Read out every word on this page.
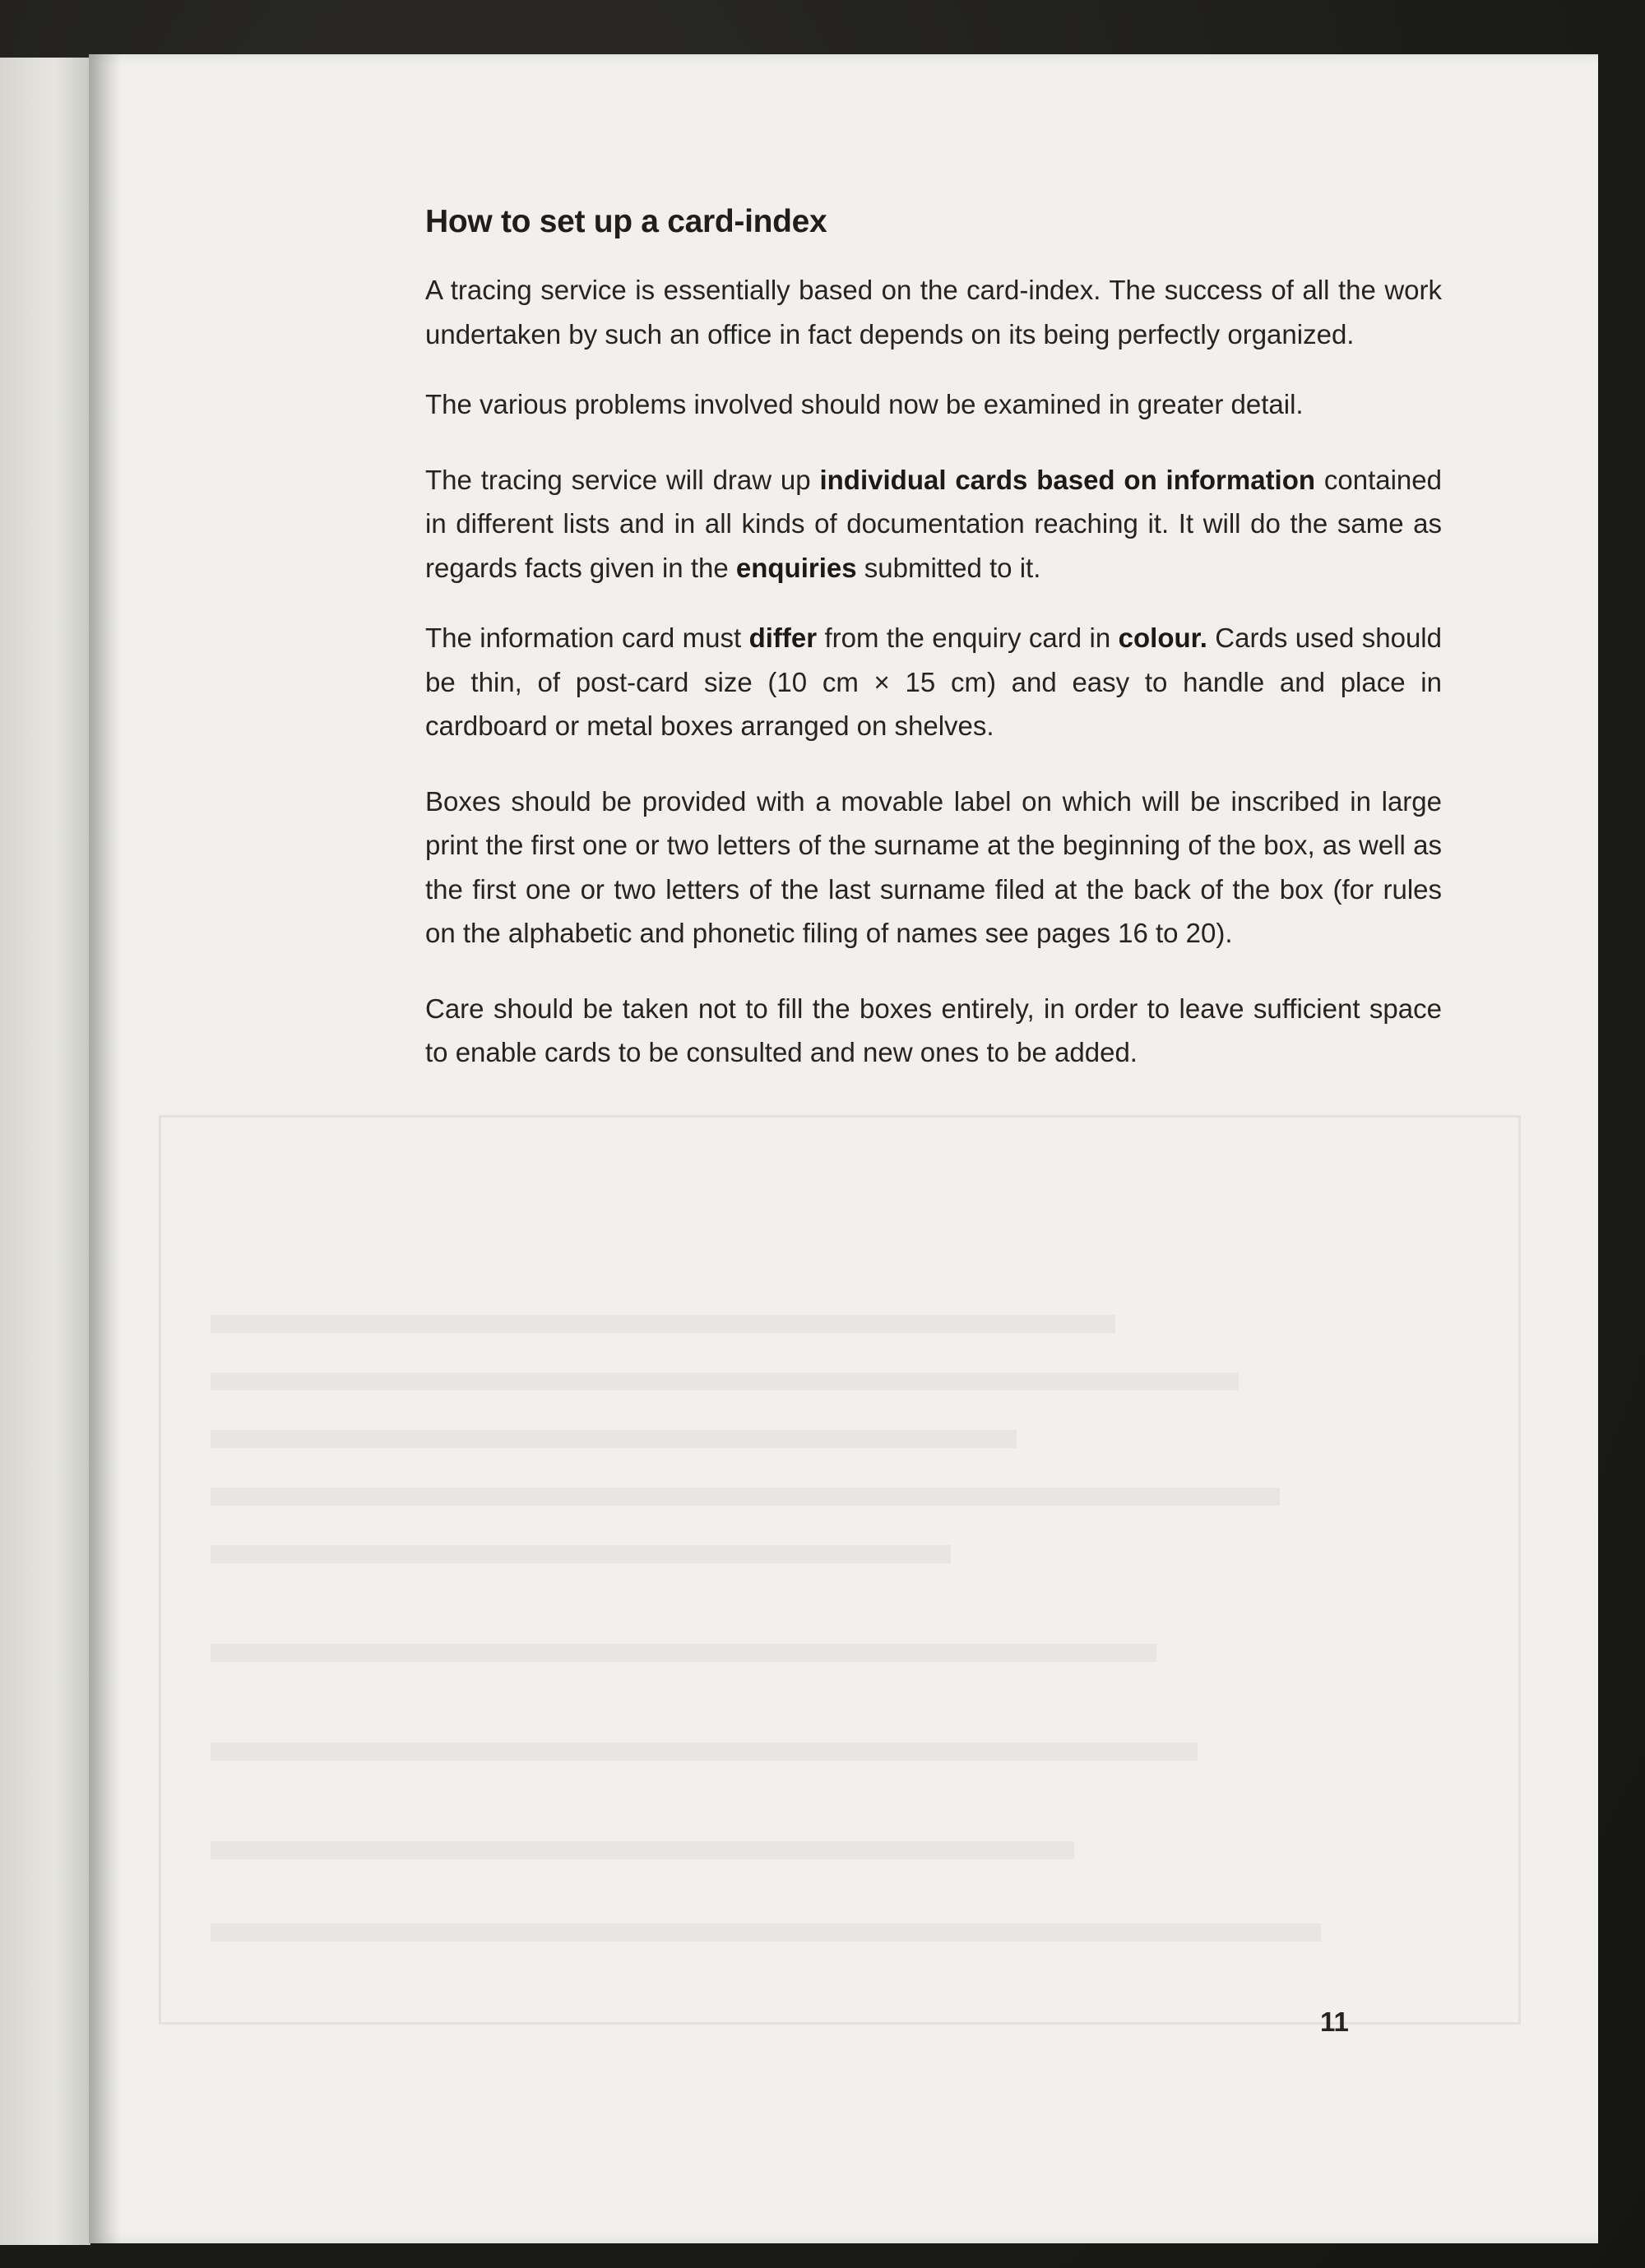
How to set up a card-index

A tracing service is essentially based on the card-index. The success of all the work undertaken by such an office in fact depends on its being perfectly organized.

The various problems involved should now be examined in greater detail.

The tracing service will draw up individual cards based on information contained in different lists and in all kinds of documentation reaching it. It will do the same as regards facts given in the enquiries submitted to it.

The information card must differ from the enquiry card in colour. Cards used should be thin, of post-card size (10 cm × 15 cm) and easy to handle and place in cardboard or metal boxes arranged on shelves.

Boxes should be provided with a movable label on which will be inscribed in large print the first one or two letters of the surname at the beginning of the box, as well as the first one or two letters of the last surname filed at the back of the box (for rules on the alphabetic and phonetic filing of names see pages 16 to 20).

Care should be taken not to fill the boxes entirely, in order to leave sufficient space to enable cards to be consulted and new ones to be added.

11
